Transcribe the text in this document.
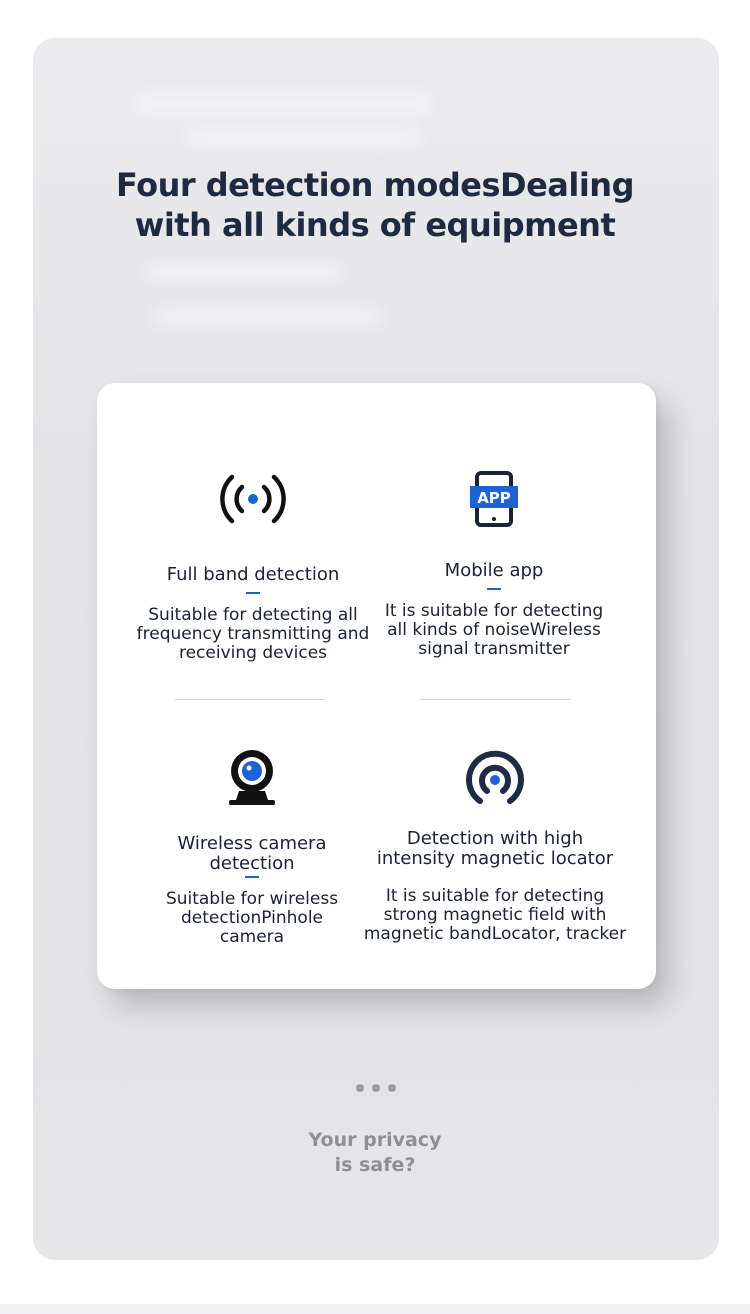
Four detection modesDealing
with all kinds of equipment
Full band detection
Suitable for detecting all
frequency transmitting and
receiving devices
APP
Mobile app
It is suitable for detecting
all kinds of noiseWireless
signal transmitter
Wireless camera
detection
Suitable for wireless
detectionPinhole
camera
Detection with high
intensity magnetic locator
It is suitable for detecting
strong magnetic field with
magnetic bandLocator, tracker
Your privacy
is safe?
